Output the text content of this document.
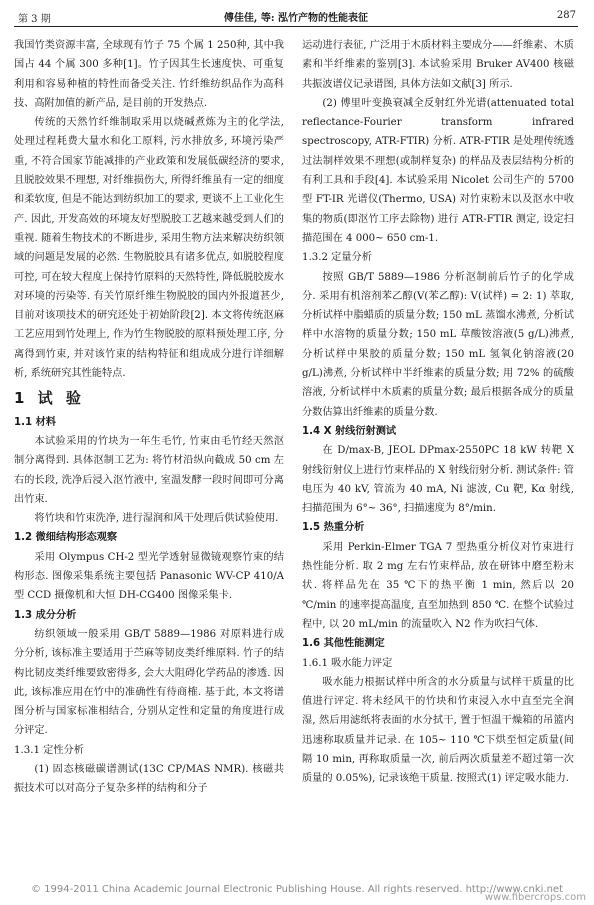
第 3 期	傅佳佳, 等: 泓竹产物的性能表征	287
我国竹类资源丰富, 全球现有竹子 75 个属 1 250种, 其中我国占 44 个属 300 多种[1]。竹子因其生长速度快、可重复利用和容易种植的特性而备受关注. 竹纤维纺织品作为高科技、高附加值的新产品, 是目前的开发热点.
传统的天然竹纤维制取采用以烧碱煮炼为主的化学法, 处理过程耗费大量水和化工原料, 污水排放多, 环境污染严重, 不符合国家节能减排的产业政策和发展低碳经济的要求, 且脱胶效果不理想, 对纤维损伤大, 所得纤维虽有一定的细度和柔软度, 但是不能达到纺织加工的要求, 更谈不上工业化生产. 因此, 开发高效的环境友好型脱胶工艺越来越受到人们的重视. 随着生物技术的不断进步, 采用生物方法来解决纺织领域的问题是发展的必然. 生物脱胶具有诸多优点, 如脱胶程度可控, 可在较大程度上保持竹原料的天然特性, 降低脱胶废水对环境的污染等. 有关竹原纤维生物脱胶的国内外报道甚少, 目前对该项技术的研究还处于初始阶段[2]. 本文将传统沤麻工艺应用到竹处理上, 作为竹生物脱胶的原料预处理工序, 分离得到竹束, 并对该竹束的结构特征和组成成分进行详细解析, 系统研究其性能特点.
1 试 验
1.1 材料
本试验采用的竹块为一年生毛竹, 竹束由毛竹经天然沤制分离得到. 具体沤制工艺为: 将竹材沿纵向截成 50 cm 左右的长段, 洗净后浸入沤竹液中, 室温发酵一段时间即可分离出竹束.
将竹块和竹束洗净, 进行湿润和风干处理后供试验使用.
1.2 微细结构形态观察
采用 Olympus CH-2 型光学透射显微镜观察竹束的结构形态. 图像采集系统主要包括 Panasonic WV-CP 410/A 型 CCD 摄像机和大恒 DH-CG400 图像采集卡.
1.3 成分分析
纺织领域一般采用 GB/T 5889—1986 对原料进行成分分析, 该标准主要适用于苎麻等韧皮类纤维原料. 竹子的结构比韧皮类纤维要致密得多, 会大大阻碍化学药品的渗透. 因此, 该标准应用在竹中的准确性有待商榷. 基于此, 本文将谱图分析与国家标准相结合, 分别从定性和定量的角度进行成分评定.
1.3.1 定性分析
(1) 固态核磁碳谱测试(13C CP/MAS NMR). 核磁共振技术可以对高分子复杂多样的结构和分子
运动进行表征, 广泛用于木质材料主要成分——纤维素、木质素和半纤维素的鉴别[3]. 本试验采用 Bruker AV400 核磁共振波谱仪记录谱图, 具体方法如文献[3] 所示.
(2) 傅里叶变换衰减全反射红外光谱(attenuated total reflectance-Fourier transform infrared spectroscopy, ATR-FTIR) 分析. ATR-FTIR 是处理传统透过法制样效果不理想(或制样复杂) 的样品及表层结构分析的有利工具和手段[4]. 本试验采用 Nicolet 公司生产的 5700 型 FT-IR 光谱仪(Thermo, USA) 对竹束粉末以及沤水中收集的物质(即沤竹工序去除物) 进行 ATR-FTIR 测定, 设定扫描范围在 4 000~ 650 cm-1.
1.3.2 定量分析
按照 GB/T 5889—1986 分析沤制前后竹子的化学成分. 采用有机溶剂苯乙醇(V(苯乙醇): V(试样) = 2: 1) 萃取, 分析试样中脂蜡质的质量分数; 150 mL 蒸馏水沸煮, 分析试样中水溶物的质量分数; 150 mL 草酸铵溶液(5 g/L)沸煮, 分析试样中果胶的质量分数; 150 mL 氢氧化钠溶液(20 g/L)沸煮, 分析试样中半纤维素的质量分数; 用 72% 的硫酸溶液, 分析试样中木质素的质量分数; 最后根据各成分的质量分数估算出纤维素的质量分数.
1.4 X 射线衍射测试
在 D/max-B, JEOL DPmax-2550PC 18 kW 转靶 X 射线衍射仪上进行竹束样品的 X 射线衍射分析. 测试条件: 管电压为 40 kV, 管流为 40 mA, Ni 滤波, Cu 靶, Kα 射线, 扫描范围为 6°~ 36°, 扫描速度为 8°/min.
1.5 热重分析
采用 Perkin-Elmer TGA 7 型热重分析仪对竹束进行热性能分析. 取 2 mg 左右竹束样品, 放在研钵中磨至粉末状. 将样品先在 35 ℃下的热平衡 1 min, 然后以 20 ℃/min 的速率提高温度, 直至加热到 850 ℃. 在整个试验过程中, 以 20 mL/min 的流量吹入 N2 作为吹扫气体.
1.6 其他性能测定
1.6.1 吸水能力评定
吸水能力根据试样中所含的水分质量与试样干质量的比值进行评定. 将未经风干的竹块和竹束浸入水中直至完全润湿, 然后用滤纸将表面的水分拭干, 置于恒温干燥箱的吊篮内迅速称取质量并记录. 在 105~ 110 ℃下烘至恒定质量(间隔 10 min, 再称取质量一次, 前后两次质量差不超过第一次质量的 0.05%), 记录该绝干质量. 按照式(1) 评定吸水能力.
© 1994-2011 China Academic Journal Electronic Publishing House. All rights reserved. http://www.cnki.net
www.fibercrops.com
